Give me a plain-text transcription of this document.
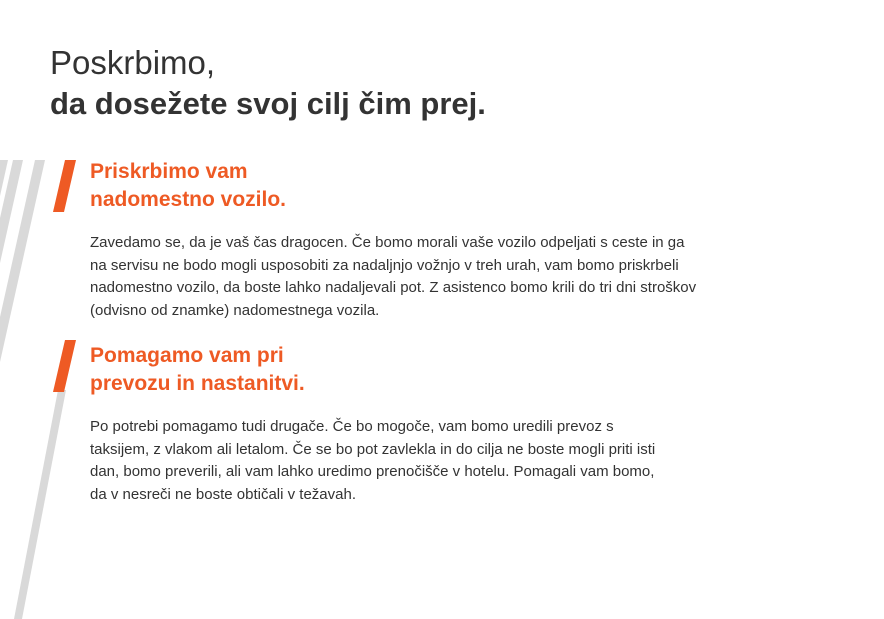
Poskrbimo,
da dosežete svoj cilj čim prej.
Priskrbimo vam
nadomestno vozilo.

Zavedamo se, da je vaš čas dragocen. Če bomo morali vaše vozilo odpeljati s ceste in ga
na servisu ne bodo mogli usposobiti za nadaljnjo vožnjo v treh urah, vam bomo priskrbeli
nadomestno vozilo, da boste lahko nadaljevali pot. Z asistenco bomo krili do tri dni stroškov
(odvisno od znamke) nadomestnega vozila.

Pomagamo vam pri
prevozu in nastanitvi.

Po potrebi pomagamo tudi drugače. Če bo mogoče, vam bomo uredili prevoz s
taksijem, z vlakom ali letalom. Če se bo pot zavlekla in do cilja ne boste mogli priti isti
dan, bomo preverili, ali vam lahko uredimo prenočišče v hotelu. Pomagali vam bomo,
da v nesreči ne boste obtičali v težavah.
